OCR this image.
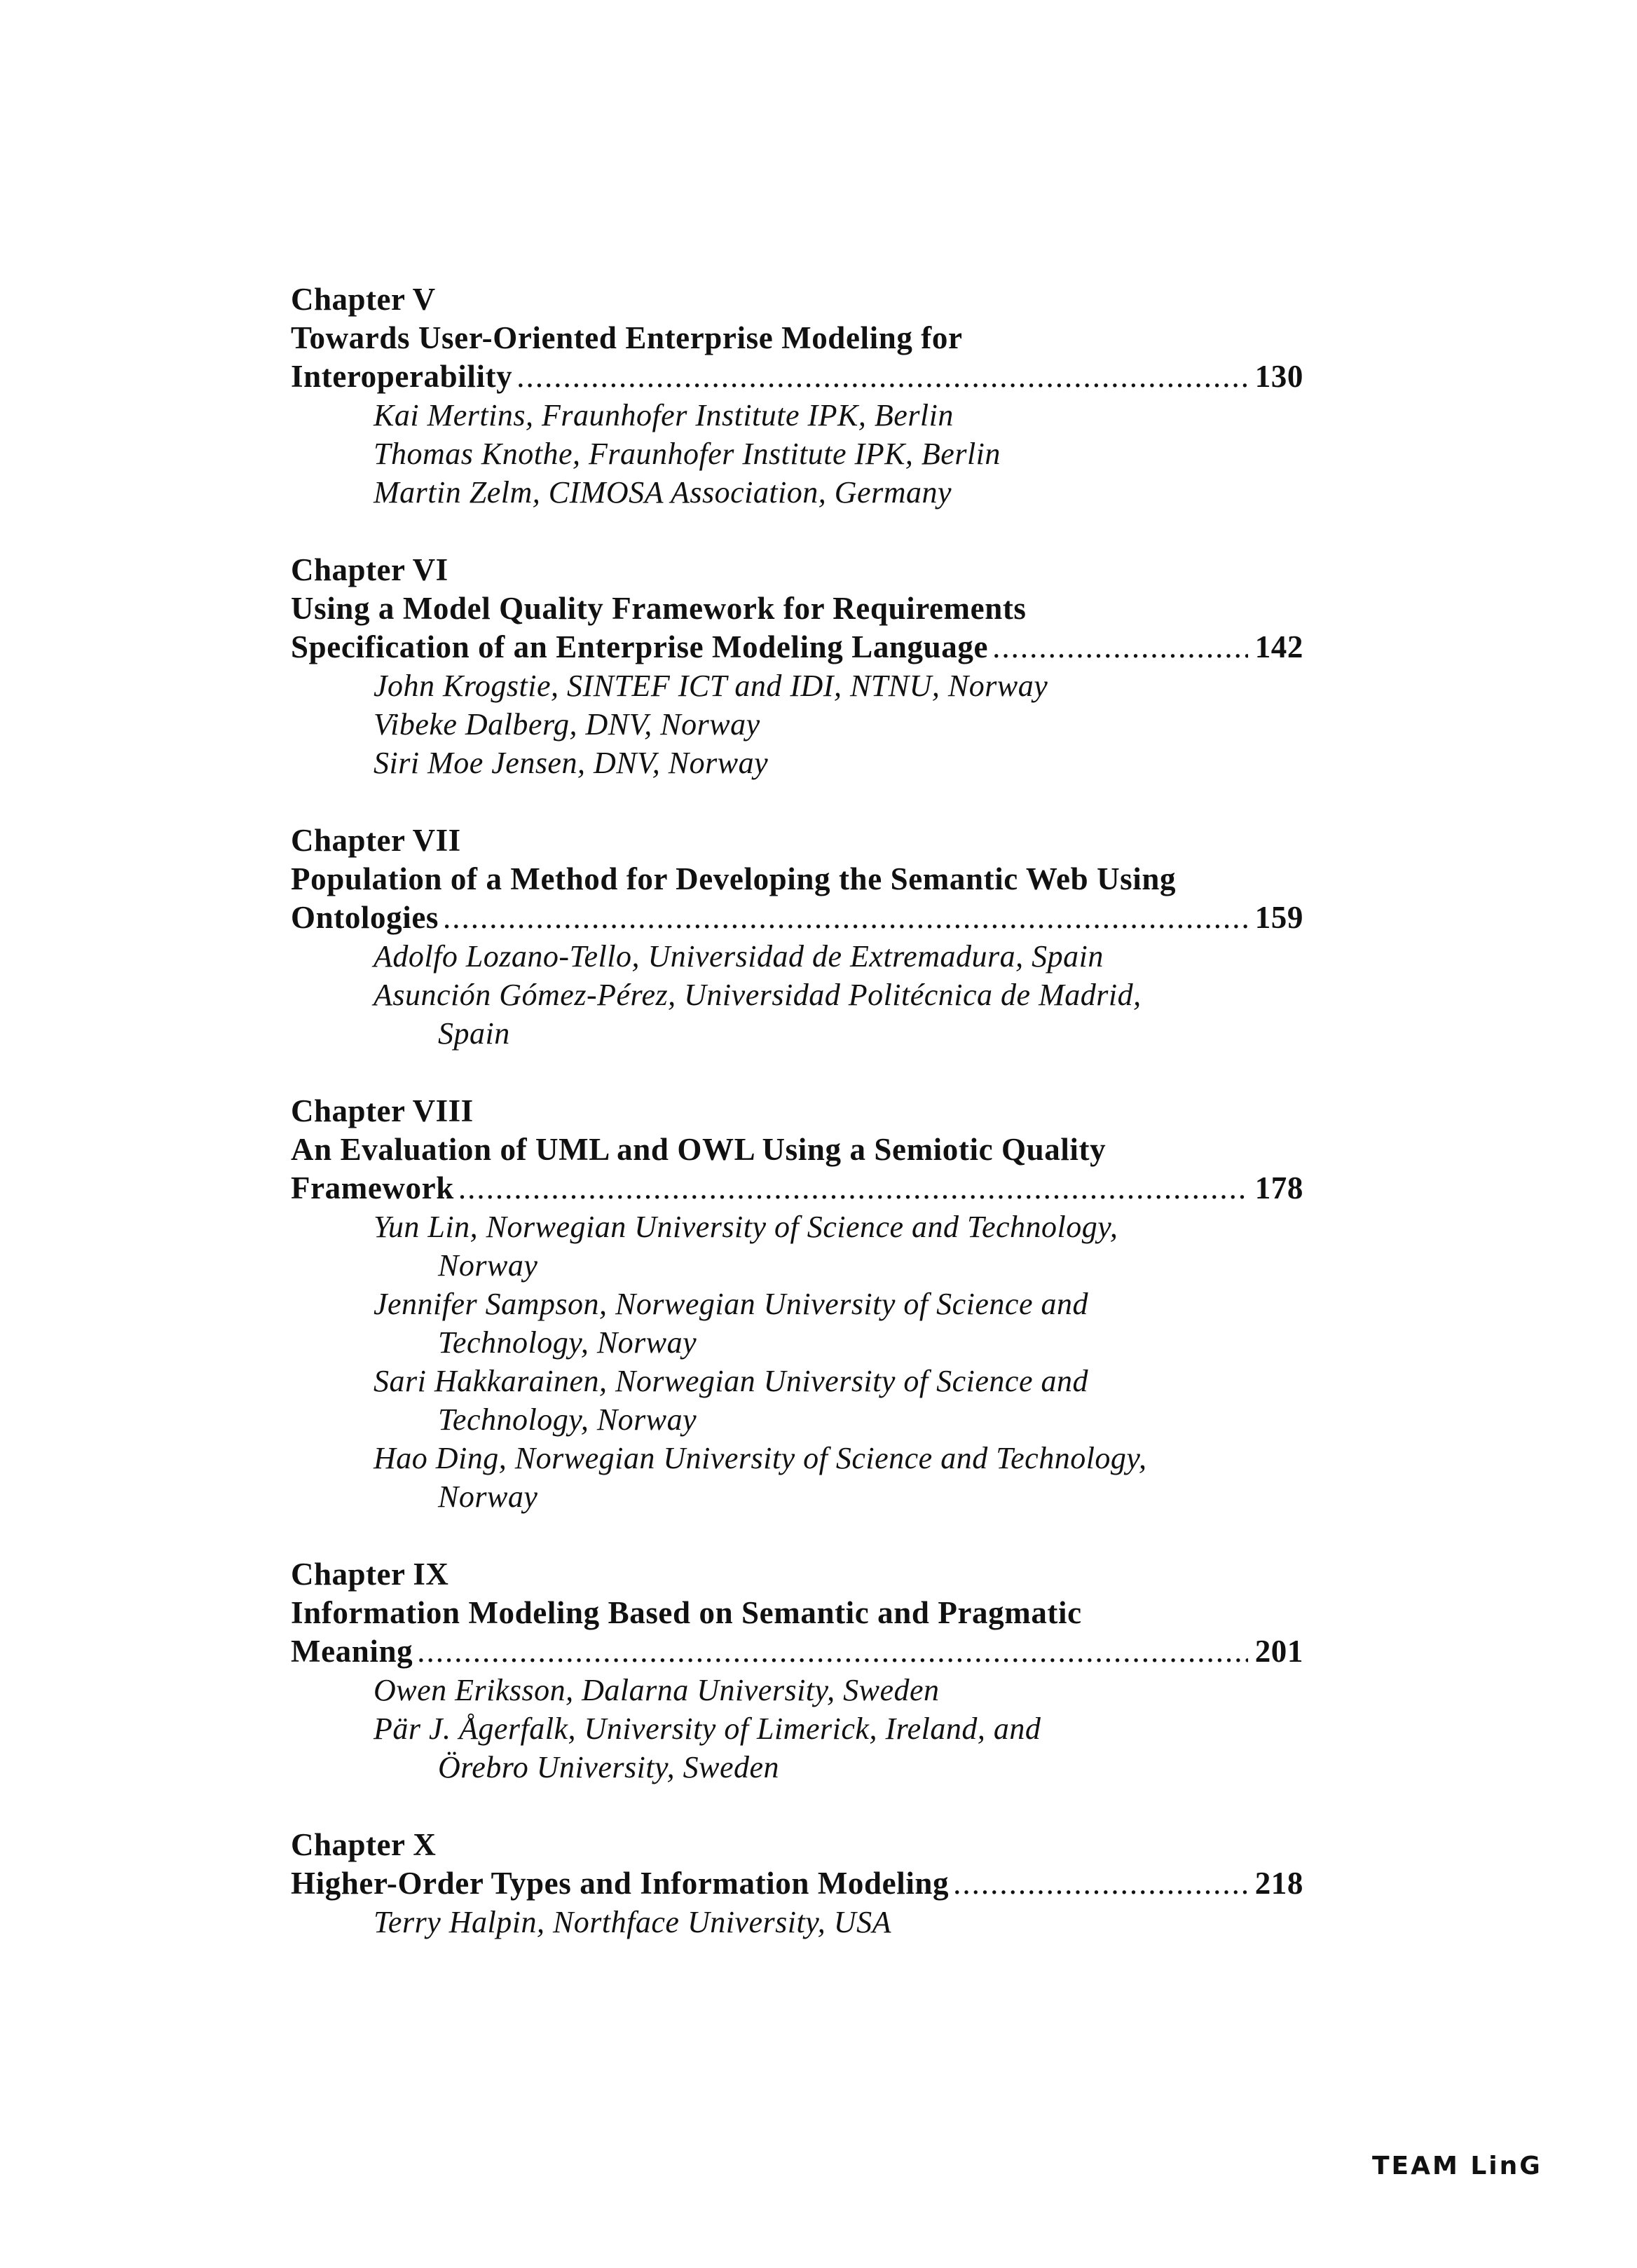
Chapter V
Towards User-Oriented Enterprise Modeling for
Interoperability .....	130
Kai Mertins, Fraunhofer Institute IPK, Berlin
Thomas Knothe, Fraunhofer Institute IPK, Berlin
Martin Zelm, CIMOSA Association, Germany
Chapter VI
Using a Model Quality Framework for Requirements
Specification of an Enterprise Modeling Language .....	142
John Krogstie, SINTEF ICT and IDI, NTNU, Norway
Vibeke Dalberg, DNV, Norway
Siri Moe Jensen, DNV, Norway
Chapter VII
Population of a Method for Developing the Semantic Web Using
Ontologies .....	159
Adolfo Lozano-Tello, Universidad de Extremadura, Spain
Asunción Gómez-Pérez, Universidad Politécnica de Madrid,
Spain
Chapter VIII
An Evaluation of UML and OWL Using a Semiotic Quality
Framework .....	178
Yun Lin, Norwegian University of Science and Technology,
Norway
Jennifer Sampson, Norwegian University of Science and
Technology, Norway
Sari Hakkarainen, Norwegian University of Science and
Technology, Norway
Hao Ding, Norwegian University of Science and Technology,
Norway
Chapter IX
Information Modeling Based on Semantic and Pragmatic
Meaning .....	201
Owen Eriksson, Dalarna University, Sweden
Pär J. Ågerfalk, University of Limerick, Ireland, and
Örebro University, Sweden
Chapter X
Higher-Order Types and Information Modeling .....	218
Terry Halpin, Northface University, USA
TEAM LinG
